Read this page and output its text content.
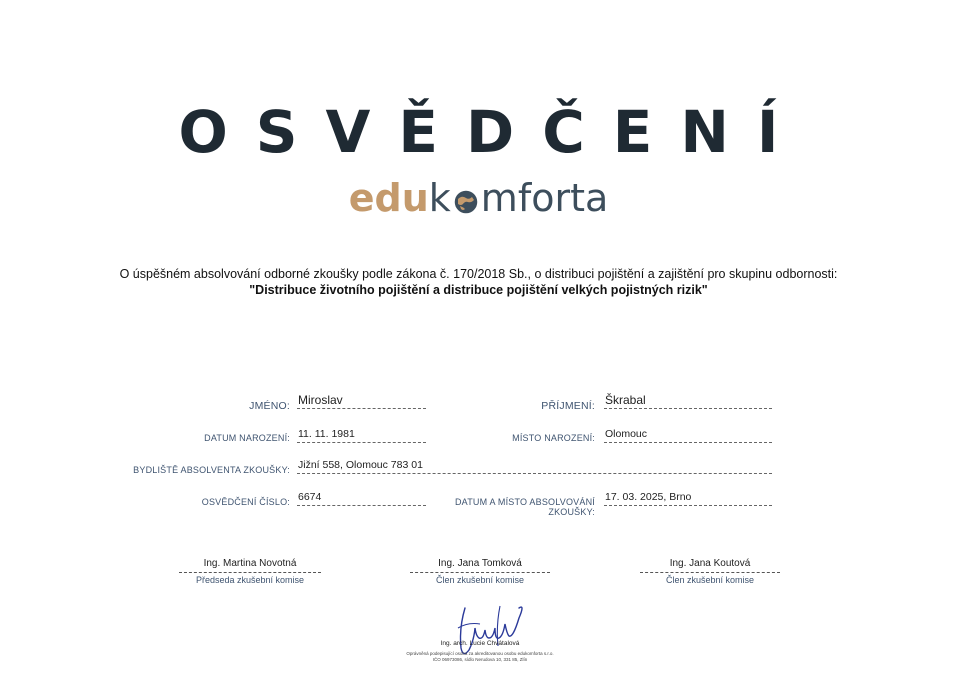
OSVĚDČENÍ
eduk mforta
O úspěšném absolvování odborné zkoušky podle zákona č. 170/2018 Sb., o distribuci pojištění a zajištění pro skupinu odbornosti:
"Distribuce životního pojištění a distribuce pojištění velkých pojistných rizik"
JMÉNO: Miroslav	PŘÍJMENÍ: Škrabal
DATUM NAROZENÍ: 11. 11. 1981	MÍSTO NAROZENÍ: Olomouc
BYDLIŠTĚ ABSOLVENTA ZKOUŠKY: Jižní 558, Olomouc 783 01
OSVĚDČENÍ ČÍSLO: 6674	DATUM A MÍSTO ABSOLVOVÁNÍ ZKOUŠKY:
17. 03. 2025, Brno
Ing. Martina Novotná
Předseda zkušební komise
Ing. Jana Tomková
Člen zkušební komise
Ing. Jana Koutová
Člen zkušební komise
Ing. arch. Lucie Chvátalová
Oprávněná podepisující osoba za akreditovanou osobu edukomforta s.r.o.
IČO 06973086, sídlo Nerudova 10, 331 85, Zlín
